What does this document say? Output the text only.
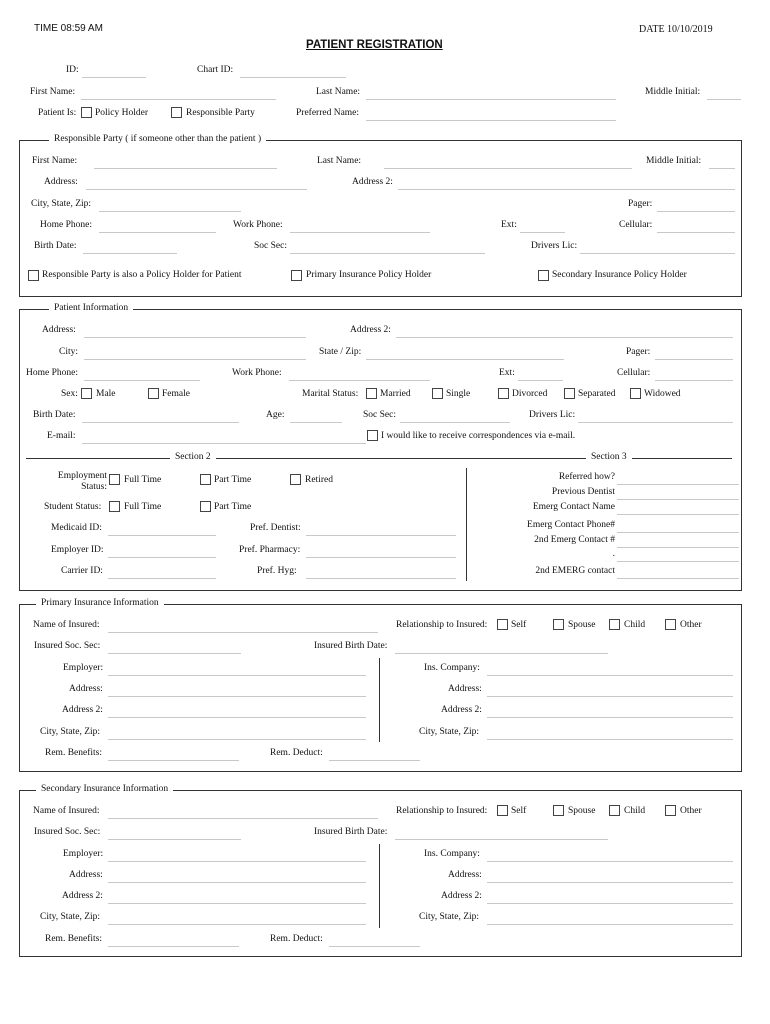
TIME 08:59 AM	DATE 10/10/2019
PATIENT REGISTRATION
ID:	Chart ID:
First Name:	Last Name:	Middle Initial:
Patient Is: Policy Holder	Responsible Party	Preferred Name:
Responsible Party ( if someone other than the patient )
First Name:	Last Name:	Middle Initial:
Address:	Address 2:
City, State, Zip:	Pager:
Home Phone:	Work Phone:	Ext:	Cellular:
Birth Date:	Soc Sec:	Drivers Lic:
Responsible Party is also a Policy Holder for Patient	Primary Insurance Policy Holder	Secondary Insurance Policy Holder
Patient Information
Address:	Address 2:
City:	State / Zip:	Pager:
Home Phone:	Work Phone:	Ext:	Cellular:
Sex: Male	Female	Marital Status: Married	Single	Divorced	Separated	Widowed
Birth Date:	Age:	Soc Sec:	Drivers Lic:
E-mail:	I would like to receive correspondences via e-mail.
Section 2	Section 3
Employment
Status:
Full Time	Part Time	Retired
Student Status: Full Time	Part Time
Medicaid ID:	Pref. Dentist:
Employer ID:	Pref. Pharmacy:
Carrier ID:	Pref. Hyg:
Referred how?
Previous Dentist
Emerg Contact Name
Emerg Contact Phone#
2nd Emerg Contact #
.
2nd EMERG contact
Primary Insurance Information
Name of Insured:	Relationship to Insured: Self	Spouse	Child	Other
Insured Soc. Sec:	Insured Birth Date:
Employer:	Ins. Company:
Address:	Address:
Address 2:	Address 2:
City, State, Zip:	City, State, Zip:
Rem. Benefits:	Rem. Deduct:
Secondary Insurance Information
Name of Insured:	Relationship to Insured: Self	Spouse	Child	Other
Insured Soc. Sec:	Insured Birth Date:
Employer:	Ins. Company:
Address:	Address:
Address 2:	Address 2:
City, State, Zip:	City, State, Zip:
Rem. Benefits:	Rem. Deduct:
